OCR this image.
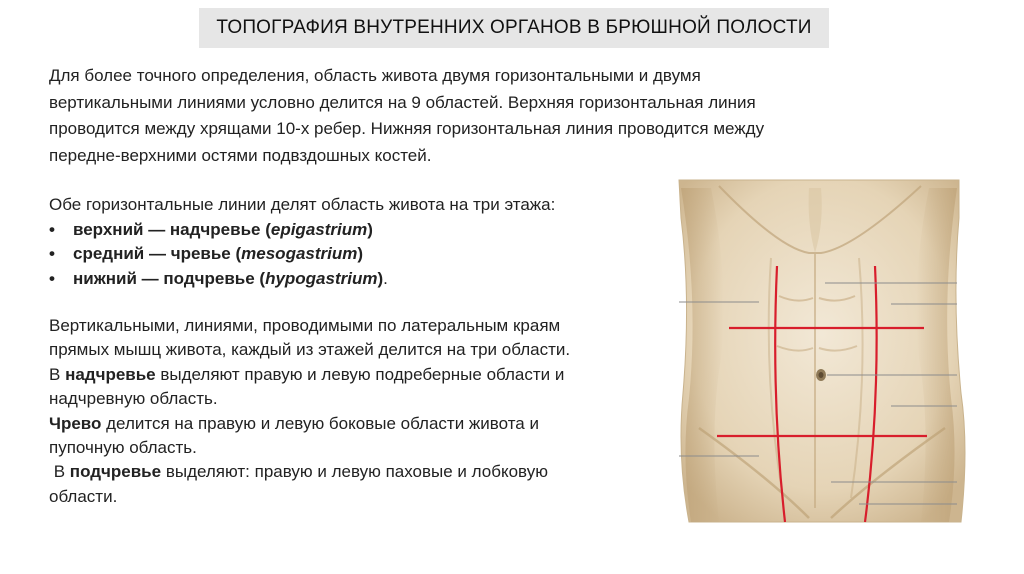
ТОПОГРАФИЯ ВНУТРЕННИХ ОРГАНОВ В БРЮШНОЙ ПОЛОСТИ
Для более точного определения, область живота двумя горизонтальными и двумя
вертикальными линиями условно делится на 9 областей. Верхняя горизонтальная линия
проводится между хрящами 10-х ребер. Нижняя горизонтальная линия проводится между
передне-верхними остями подвздошных костей.

Обе горизонтальные линии делят область живота на три этажа:

• верхний — надчревье (epigastrium)
• средний — чревье (mesogastrium)
• нижний — подчревье (hypogastrium).

Вертикальными, линиями, проводимыми по латеральным краям

прямых мышц живота, каждый из этажей делится на три области.

В надчревье выделяют правую и левую подреберные области и

надчревную область.

Чрево делится на правую и левую боковые области живота и

пупочную область.

В подчревье выделяют: правую и левую паховые и лобковую

области.
